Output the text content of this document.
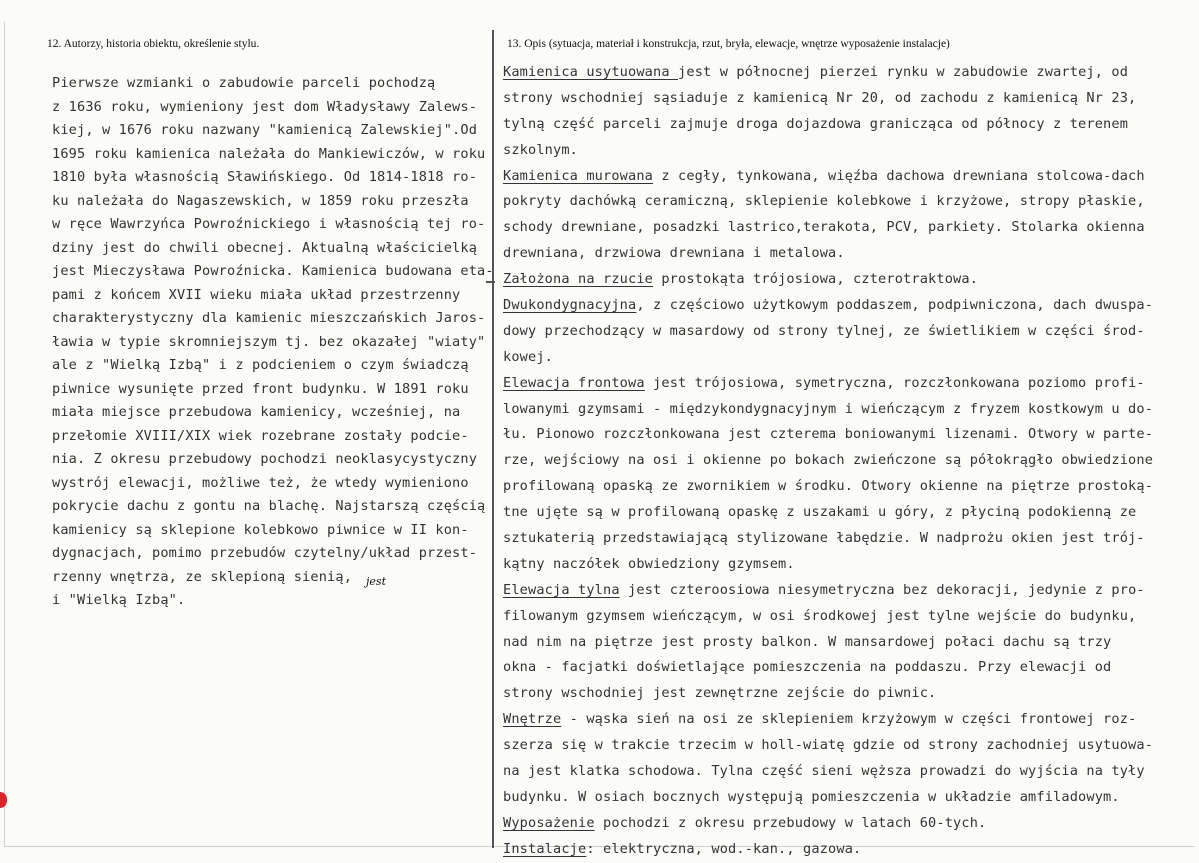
12. Autorzy, historia obiektu, określenie stylu.	13. Opis (sytuacja, materiał i konstrukcja, rzut, bryła, elewacje, wnętrze wyposażenie instalacje)
Pierwsze wzmianki o zabudowie parceli pochodzą
z 1636 roku, wymieniony jest dom Władysławy Zalews-
kiej, w 1676 roku nazwany "kamienicą Zalewskiej".Od
1695 roku kamienica należała do Mankiewiczów, w roku
1810 była własnością Sławińskiego. Od 1814-1818 ro-
ku należała do Nagaszewskich, w 1859 roku przeszła
w ręce Wawrzyńca Powroźnickiego i własnością tej ro-
dziny jest do chwili obecnej. Aktualną właścicielką
jest Mieczysława Powroźnicka. Kamienica budowana eta-
pami z końcem XVII wieku miała układ przestrzenny
charakterystyczny dla kamienic mieszczańskich Jaros-
ławia w typie skromniejszym tj. bez okazałej "wiaty"
ale z "Wielką Izbą" i z podcieniem o czym świadczą
piwnice wysunięte przed front budynku. W 1891 roku
miała miejsce przebudowa kamienicy, wcześniej, na
przełomie XVIII/XIX wiek rozebrane zostały podcie-
nia. Z okresu przebudowy pochodzi neoklasycystyczny
wystrój elewacji, możliwe też, że wtedy wymieniono
pokrycie dachu z gontu na blachę. Najstarszą częścią
kamienicy są sklepione kolebkowo piwnice w II kon-
dygnacjach, pomimo przebudów czytelny/układ przest-
rzenny wnętrza, ze sklepioną sienią,
i "Wielką Izbą".
Kamienica usytuowana jest w północnej pierzei rynku w zabudowie zwartej, od
strony wschodniej sąsiaduje z kamienicą Nr 20, od zachodu z kamienicą Nr 23,
tylną część parceli zajmuje droga dojazdowa granicząca od północy z terenem
szkolnym.
Kamienica murowana z cegły, tynkowana, więźba dachowa drewniana stolcowa-dach
pokryty dachówką ceramiczną, sklepienie kolebkowe i krzyżowe, stropy płaskie,
schody drewniane, posadzki lastrico,terakota, PCV, parkiety. Stolarka okienna
drewniana, drzwiowa drewniana i metalowa.
Założona na rzucie prostokąta trójosiowa, czterotraktowa.
Dwukondygnacyjna, z częściowo użytkowym poddaszem, podpiwniczona, dach dwuspa-
dowy przechodzący w masardowy od strony tylnej, ze świetlikiem w części środ-
kowej.
Elewacja frontowa jest trójosiowa, symetryczna, rozczłonkowana poziomo profi-
lowanymi gzymsami - międzykondygnacyjnym i wieńczącym z fryzem kostkowym u do-
łu. Pionowo rozczłonkowana jest czterema boniowanymi lizenami. Otwory w parte-
rze, wejściowy na osi i okienne po bokach zwieńczone są półokrągło obwiedzione
profilowaną opaską ze zwornikiem w środku. Otwory okienne na piętrze prostoką-
tne ujęte są w profilowaną opaskę z uszakami u góry, z płyciną podokienną ze
sztukaterią przedstawiającą stylizowane łabędzie. W nadprożu okien jest trój-
kątny naczółek obwiedziony gzymsem.
Elewacja tylna jest czteroosiowa niesymetryczna bez dekoracji, jedynie z pro-
filowanym gzymsem wieńczącym, w osi środkowej jest tylne wejście do budynku,
nad nim na piętrze jest prosty balkon. W mansardowej połaci dachu są trzy
okna - facjatki doświetlające pomieszczenia na poddaszu. Przy elewacji od
strony wschodniej jest zewnętrzne zejście do piwnic.
Wnętrze - wąska sień na osi ze sklepieniem krzyżowym w części frontowej roz-
szerza się w trakcie trzecim w holl-wiatę gdzie od strony zachodniej usytuowa-
na jest klatka schodowa. Tylna część sieni węższa prowadzi do wyjścia na tyły
budynku. W osiach bocznych występują pomieszczenia w układzie amfiladowym.
Wyposażenie pochodzi z okresu przebudowy w latach 60-tych.
Instalacje: elektryczna, wod.-kan., gazowa.
jest
